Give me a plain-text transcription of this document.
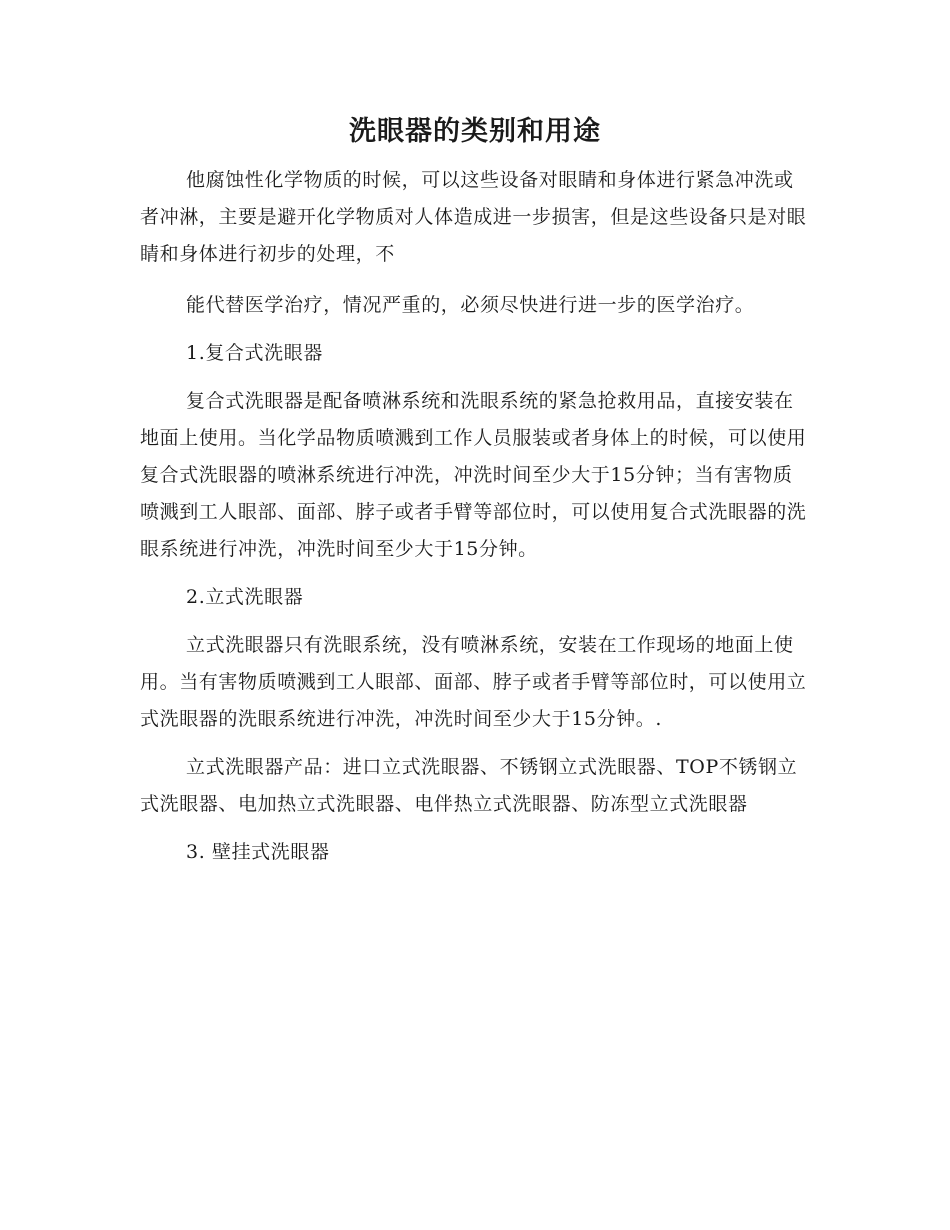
洗眼器的类别和用途

他腐蚀性化学物质的时候，可以这些设备对眼睛和身体进行紧急冲洗或者冲淋，主要是避开化学物质对人体造成进一步损害，但是这些设备只是对眼睛和身体进行初步的处理，不

能代替医学治疗，情况严重的，必须尽快进行进一步的医学治疗。

1.复合式洗眼器

复合式洗眼器是配备喷淋系统和洗眼系统的紧急抢救用品，直接安装在地面上使用。当化学品物质喷溅到工作人员服装或者身体上的时候，可以使用复合式洗眼器的喷淋系统进行冲洗，冲洗时间至少大于15分钟；当有害物质喷溅到工人眼部、面部、脖子或者手臂等部位时，可以使用复合式洗眼器的洗眼系统进行冲洗，冲洗时间至少大于15分钟。

2.立式洗眼器

立式洗眼器只有洗眼系统，没有喷淋系统，安装在工作现场的地面上使用。当有害物质喷溅到工人眼部、面部、脖子或者手臂等部位时，可以使用立式洗眼器的洗眼系统进行冲洗，冲洗时间至少大于15分钟。.

立式洗眼器产品：进口立式洗眼器、不锈钢立式洗眼器、TOP不锈钢立式洗眼器、电加热立式洗眼器、电伴热立式洗眼器、防冻型立式洗眼器

3. 壁挂式洗眼器
